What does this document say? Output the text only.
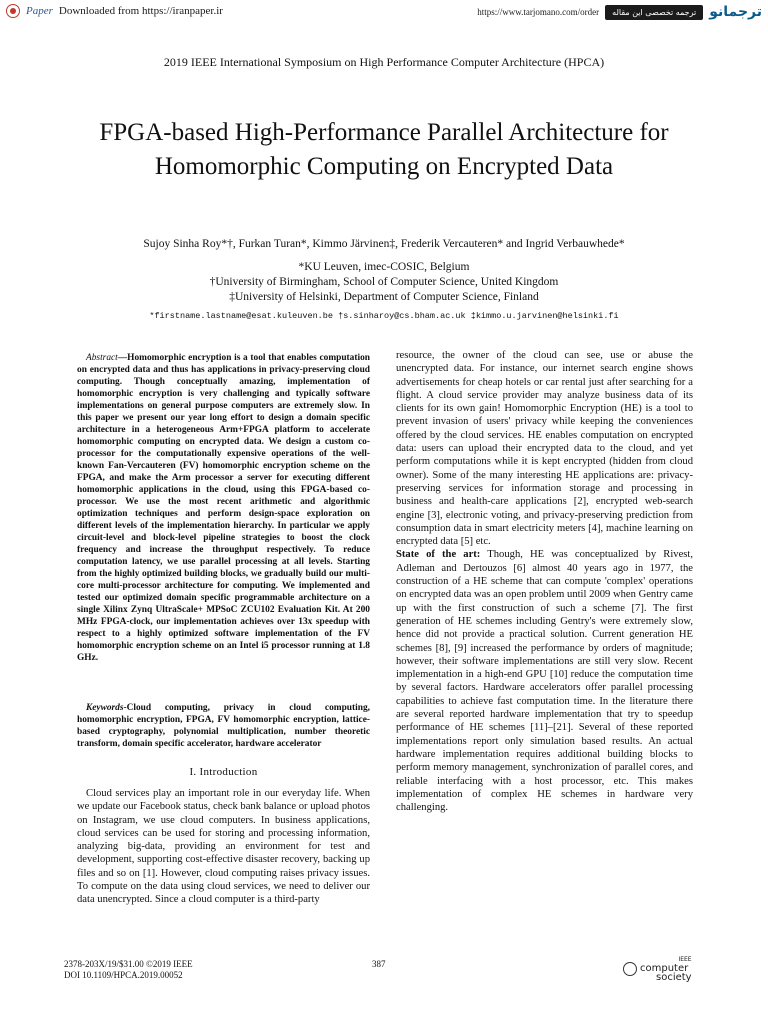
Paper Downloaded from https://iranpaper.ir	https://www.tarjomano.com/order	ترجمه تخصصی این مقاله ترجمانو
2019 IEEE International Symposium on High Performance Computer Architecture (HPCA)
FPGA-based High-Performance Parallel Architecture for Homomorphic Computing on Encrypted Data
Sujoy Sinha Roy*†, Furkan Turan*, Kimmo Järvinen‡, Frederik Vercauteren* and Ingrid Verbauwhede*
*KU Leuven, imec-COSIC, Belgium
†University of Birmingham, School of Computer Science, United Kingdom
‡University of Helsinki, Department of Computer Science, Finland
*firstname.lastname@esat.kuleuven.be †s.sinharoy@cs.bham.ac.uk ‡kimmo.u.jarvinen@helsinki.fi
Abstract—Homomorphic encryption is a tool that enables computation on encrypted data and thus has applications in privacy-preserving cloud computing. Though conceptually amazing, implementation of homomorphic encryption is very challenging and typically software implementations on general purpose computers are extremely slow. In this paper we present our year long effort to design a domain specific architecture in a heterogeneous Arm+FPGA platform to accelerate homomorphic computing on encrypted data. We design a custom co-processor for the computationally expensive operations of the well-known Fan-Vercauteren (FV) homomorphic encryption scheme on the FPGA, and make the Arm processor a server for executing different homomorphic applications in the cloud, using this FPGA-based co-processor. We use the most recent arithmetic and algorithmic optimization techniques and perform design-space exploration on different levels of the implementation hierarchy. In particular we apply circuit-level and block-level pipeline strategies to boost the clock frequency and increase the throughput respectively. To reduce computation latency, we use parallel processing at all levels. Starting from the highly optimized building blocks, we gradually build our multi-core multi-processor architecture for computing. We implemented and tested our optimized domain specific programmable architecture on a single Xilinx Zynq UltraScale+ MPSoC ZCU102 Evaluation Kit. At 200 MHz FPGA-clock, our implementation achieves over 13x speedup with respect to a highly optimized software implementation of the FV homomorphic encryption scheme on an Intel i5 processor running at 1.8 GHz.
Keywords-Cloud computing, privacy in cloud computing, homomorphic encryption, FPGA, FV homomorphic encryption, lattice-based cryptography, polynomial multiplication, number theoretic transform, domain specific accelerator, hardware accelerator
I. Introduction
Cloud services play an important role in our everyday life. When we update our Facebook status, check bank balance or upload photos on Instagram, we use cloud computers. In business applications, cloud services can be used for storing and processing information, analyzing big-data, providing an environment for test and development, supporting cost-effective disaster recovery, backing up files and so on [1]. However, cloud computing raises privacy issues. To compute on the data using cloud services, we need to deliver our data unencrypted. Since a cloud computer is a third-party

resource, the owner of the cloud can see, use or abuse the unencrypted data. For instance, our internet search engine shows advertisements for cheap hotels or car rental just after searching for a flight. A cloud service provider may analyze business data of its clients for its own gain! Homomorphic Encryption (HE) is a tool to prevent invasion of users' privacy while keeping the conveniences offered by the cloud services. HE enables computation on encrypted data: users can upload their encrypted data to the cloud, and yet perform computations while it is kept encrypted (hidden from cloud owner). Some of the many interesting HE applications are: privacy-preserving services for information storage and processing in business and health-care applications [2], encrypted web-search engine [3], electronic voting, and privacy-preserving prediction from consumption data in smart electricity meters [4], machine learning on encrypted data [5] etc.

State of the art: Though, HE was conceptualized by Rivest, Adleman and Dertouzos [6] almost 40 years ago in 1977, the construction of a HE scheme that can compute 'complex' operations on encrypted data was an open problem until 2009 when Gentry came up with the first construction of such a scheme [7]. The first generation of HE schemes including Gentry's were extremely slow, hence did not provide a practical solution. Current generation HE schemes [8], [9] increased the performance by orders of magnitude; however, their software implementations are still very slow. Recent implementation in a high-end GPU [10] reduce the computation time by several factors. Hardware accelerators offer parallel processing capabilities to achieve fast computation time. In the literature there are several reported hardware implementation that try to speedup performance of HE schemes [11]–[21]. Several of these reported implementations report only simulation based results. An actual hardware implementation requires additional building blocks to perform memory management, synchronization of parallel cores, and reliable interfacing with a host processor, etc. This makes implementation of complex HE schemes in hardware very challenging.

2378-203X/19/$31.00 ©2019 IEEE
DOI 10.1109/HPCA.2019.00052
387	IEEE
computer
society
